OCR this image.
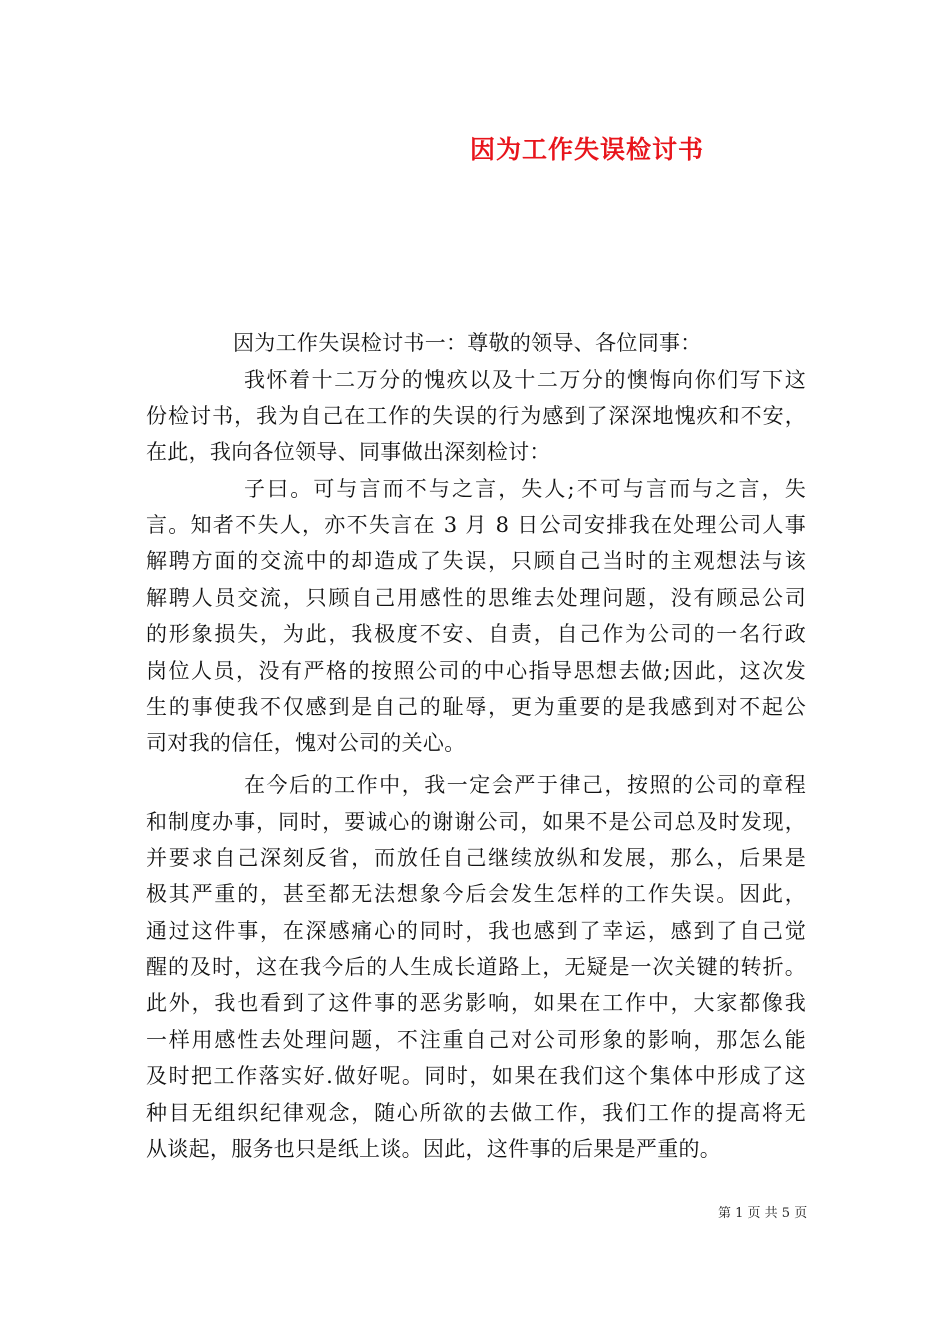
因为工作失误检讨书
因为工作失误检讨书一：尊敬的领导、各位同事：
我怀着十二万分的愧疚以及十二万分的懊悔向你们写下这
份检讨书，我为自己在工作的失误的行为感到了深深地愧疚和不安，
在此，我向各位领导、同事做出深刻检讨：
子曰。可与言而不与之言，失人;不可与言而与之言，失
言。知者不失人，亦不失言在 3 月 8 日公司安排我在处理公司人事
解聘方面的交流中的却造成了失误，只顾自己当时的主观想法与该
解聘人员交流，只顾自己用感性的思维去处理问题，没有顾忌公司
的形象损失，为此，我极度不安、自责，自己作为公司的一名行政
岗位人员，没有严格的按照公司的中心指导思想去做;因此，这次发
生的事使我不仅感到是自己的耻辱，更为重要的是我感到对不起公
司对我的信任，愧对公司的关心。
在今后的工作中，我一定会严于律己，按照的公司的章程
和制度办事，同时，要诚心的谢谢公司，如果不是公司总及时发现，
并要求自己深刻反省，而放任自己继续放纵和发展，那么，后果是
极其严重的，甚至都无法想象今后会发生怎样的工作失误。因此，
通过这件事，在深感痛心的同时，我也感到了幸运，感到了自己觉
醒的及时，这在我今后的人生成长道路上，无疑是一次关键的转折。
此外，我也看到了这件事的恶劣影响，如果在工作中，大家都像我
一样用感性去处理问题，不注重自己对公司形象的影响，那怎么能
及时把工作落实好.做好呢。同时，如果在我们这个集体中形成了这
种目无组织纪律观念，随心所欲的去做工作，我们工作的提高将无
从谈起，服务也只是纸上谈。因此，这件事的后果是严重的。
第 1 页 共 5 页
